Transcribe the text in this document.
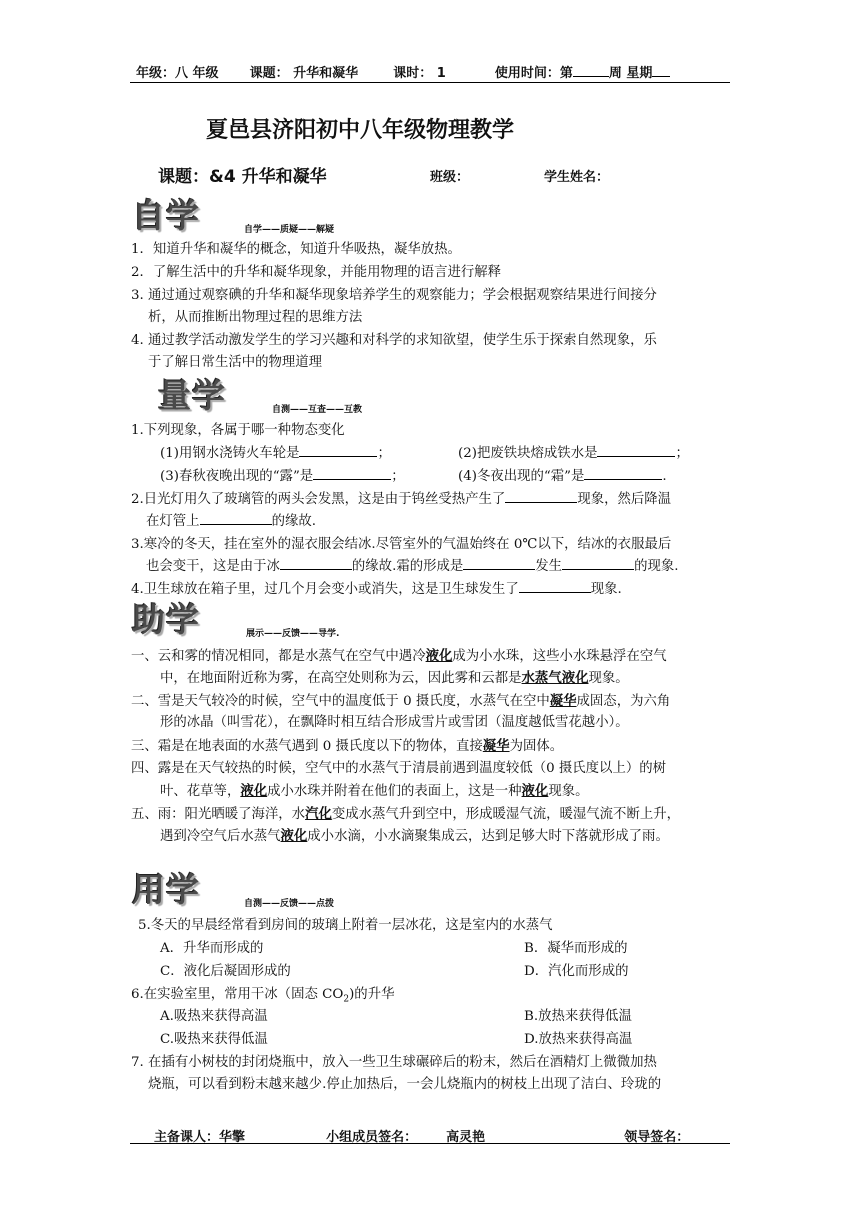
年级：八 年级 课题： 升华和凝华	课时： 1	使用时间：第	周 星期
夏邑县济阳初中八年级物理教学
课题：&4 升华和凝华	班级：	学生姓名：
自学	自学——质疑——解疑
1．知道升华和凝华的概念，知道升华吸热，凝华放热。
2．了解生活中的升华和凝华现象，并能用物理的语言进行解释
3. 通过通过观察碘的升华和凝华现象培养学生的观察能力；学会根据观察结果进行间接分
析，从而推断出物理过程的思维方法
4. 通过教学活动激发学生的学习兴趣和对科学的求知欲望，使学生乐于探索自然现象，乐
于了解日常生活中的物理道理
量学	自测——互查——互教
1.下列现象，各属于哪一种物态变化
(1)用钢水浇铸火车轮是	；	(2)把废铁块熔成铁水是	；
(3)春秋夜晚出现的“露”是	；	(4)冬夜出现的“霜”是	.
2.日光灯用久了玻璃管的两头会发黑，这是由于钨丝受热产生了	现象，然后降温
在灯管上	的缘故.
3.寒冷的冬天，挂在室外的湿衣服会结冰.尽管室外的气温始终在 0℃以下，结冰的衣服最后
也会变干，这是由于冰	的缘故.霜的形成是	发生	的现象.
4.卫生球放在箱子里，过几个月会变小或消失，这是卫生球发生了	现象.
助学	展示——反馈——导学.
一、云和雾的情况相同，都是水蒸气在空气中遇冷液化成为小水珠，这些小水珠悬浮在空气
中，在地面附近称为雾，在高空处则称为云，因此雾和云都是水蒸气液化现象。
二、雪是天气较冷的时候，空气中的温度低于 0 摄氏度，水蒸气在空中凝华成固态，为六角
形的冰晶（叫雪花），在飘降时相互结合形成雪片或雪团（温度越低雪花越小）。
三、霜是在地表面的水蒸气遇到 0 摄氏度以下的物体，直接凝华为固体。
四、露是在天气较热的时候，空气中的水蒸气于清晨前遇到温度较低（0 摄氏度以上）的树
叶、花草等，液化成小水珠并附着在他们的表面上，这是一种液化现象。
五、雨：阳光晒暖了海洋，水汽化变成水蒸气升到空中，形成暖湿气流，暖湿气流不断上升，
遇到冷空气后水蒸气液化成小水滴，小水滴聚集成云，达到足够大时下落就形成了雨。
用学	自测——反馈——点拨
5.冬天的早晨经常看到房间的玻璃上附着一层冰花，这是室内的水蒸气
A．升华而形成的	B．凝华而形成的
C．液化后凝固形成的	D．汽化而形成的
6.在实验室里，常用干冰（固态 $CO_2$)的升华
A.吸热来获得高温	B.放热来获得低温
C.吸热来获得低温	D.放热来获得高温
7. 在插有小树枝的封闭烧瓶中，放入一些卫生球碾碎后的粉末，然后在酒精灯上微微加热
烧瓶，可以看到粉末越来越少.停止加热后，一会儿烧瓶内的树枝上出现了洁白、玲珑的
主备课人：华擎	小组成员签名： 高灵艳	领导签名：
